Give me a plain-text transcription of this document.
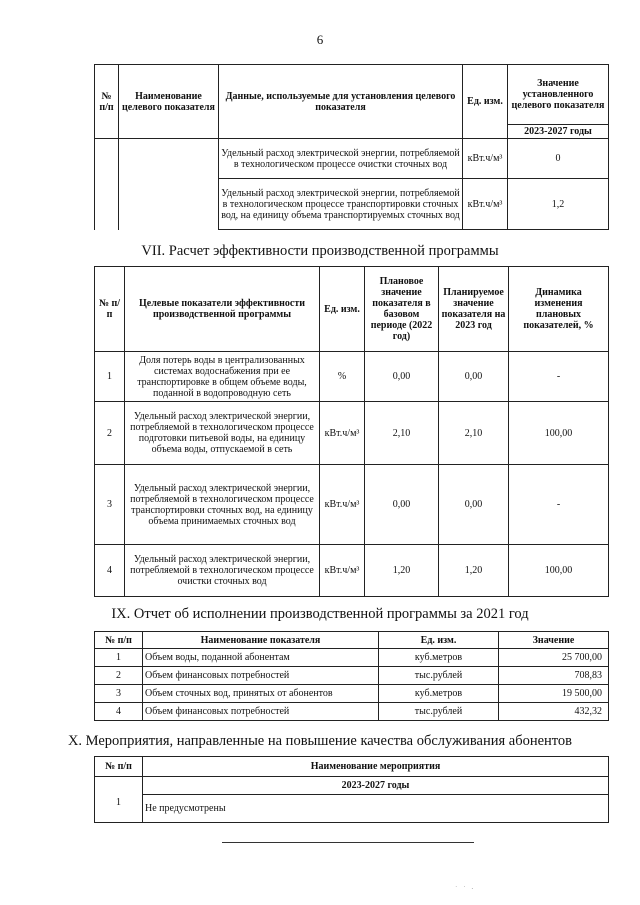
6
№ п/п	Наименование целевого показателя	Данные, используемые для установления целевого показателя	Ед. изм.	Значение установленного целевого показателя
				2023-2027 годы
		Удельный расход электрической энергии, потребляемой в технологическом процессе очистки сточных вод	кВт.ч/м³	0
		Удельный расход электрической энергии, потребляемой в технологическом процессе транспортировки сточных вод, на единицу объема транспортируемых сточных вод	кВт.ч/м³	1,2
VII. Расчет эффективности производственной программы
№ п/п	Целевые показатели эффективности производственной программы	Ед. изм.	Плановое значение показателя в базовом периоде (2022 год)	Планируемое значение показателя на 2023 год	Динамика изменения плановых показателей, %
1	Доля потерь воды в централизованных системах водоснабжения при ее транспортировке в общем объеме воды, поданной в водопроводную сеть	%	0,00	0,00	-
2	Удельный расход электрической энергии, потребляемой в технологическом процессе подготовки питьевой воды, на единицу объема воды, отпускаемой в сеть	кВт.ч/м³	2,10	2,10	100,00
3	Удельный расход электрической энергии, потребляемой в технологическом процессе транспортировки сточных вод, на единицу объема принимаемых сточных вод	кВт.ч/м³	0,00	0,00	-
4	Удельный расход электрической энергии, потребляемой в технологическом процессе очистки сточных вод	кВт.ч/м³	1,20	1,20	100,00
IX. Отчет об исполнении производственной программы за 2021 год
№ п/п	Наименование показателя	Ед. изм.	Значение
1	Объем воды, поданной абонентам	куб.метров	25 700,00
2	Объем финансовых потребностей	тыс.рублей	708,83
3	Объем сточных вод, принятых от абонентов	куб.метров	19 500,00
4	Объем финансовых потребностей	тыс.рублей	432,32
X. Мероприятия, направленные на повышение качества обслуживания абонентов
№ п/п	Наименование мероприятия
	2023-2027 годы
1	Не предусмотрены
˙ ˙ ·
